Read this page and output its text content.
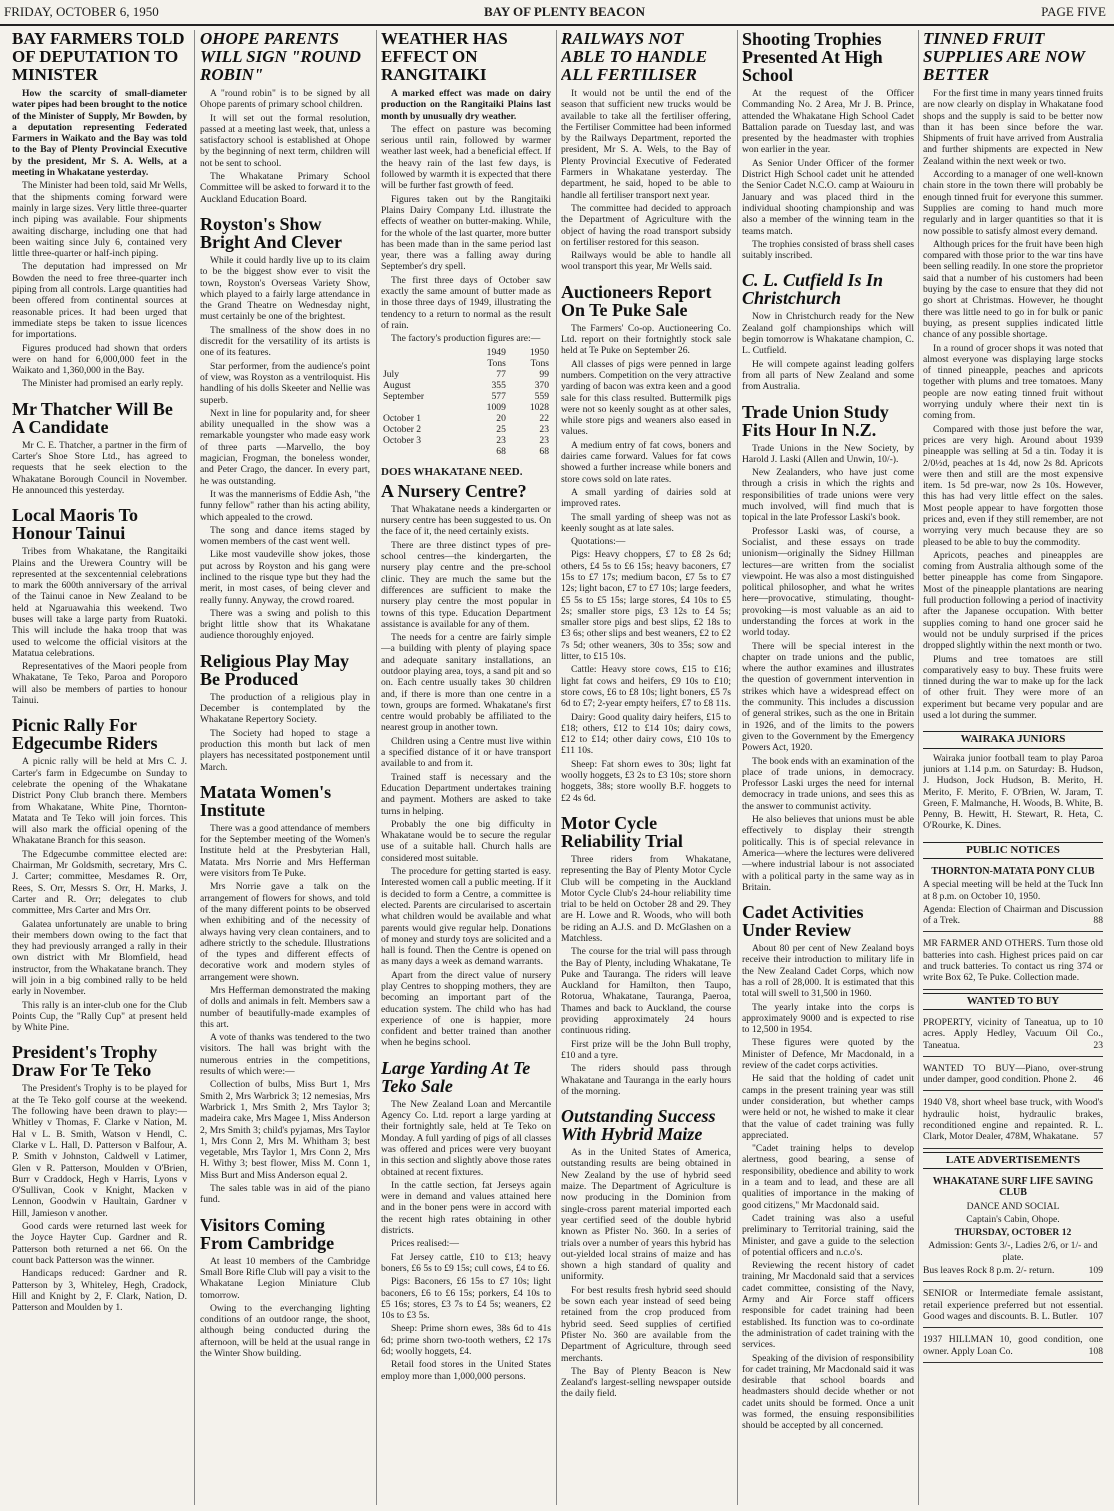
FRIDAY, OCTOBER 6, 1950	BAY OF PLENTY BEACON	PAGE FIVE
BAY FARMERS TOLD OF DEPUTATION TO MINISTER

How the scarcity of small-diameter water pipes had been brought to the notice of the Minister of Supply, Mr Bowden, by a deputation representing Federated Farmers in Waikato and the Bay was told to the Bay of Plenty Provincial Executive by the president, Mr S. A. Wells, at a meeting in Whakatane yesterday.

The Minister had been told, said Mr Wells, that the shipments coming forward were mainly in large sizes. Very little three-quarter inch piping was available. Four shipments awaiting discharge, including one that had been waiting since July 6, contained very little three-quarter or half-inch piping.

The deputation had impressed on Mr Bowden the need to free three-quarter inch piping from all controls. Large quantities had been offered from continental sources at reasonable prices. It had been urged that immediate steps be taken to issue licences for importations.

Figures produced had shown that orders were on hand for 6,000,000 feet in the Waikato and 1,360,000 in the Bay.

The Minister had promised an early reply.

Mr Thatcher Will Be A Candidate

Mr C. E. Thatcher, a partner in the firm of Carter's Shoe Store Ltd., has agreed to requests that he seek election to the Whakatane Borough Council in November. He announced this yesterday.

Local Maoris To Honour Tainui

Tribes from Whakatane, the Rangitaiki Plains and the Urewera Country will be represented at the sexcentennial celebrations to mark the 600th anniversary of the arrival of the Tainui canoe in New Zealand to be held at Ngaruawahia this weekend. Two buses will take a large party from Ruatoki. This will include the haka troop that was used to welcome the official visitors at the Matatua celebrations.

Representatives of the Maori people from Whakatane, Te Teko, Paroa and Poroporo will also be members of parties to honour Tainui.

Picnic Rally For Edgecumbe Riders

A picnic rally will be held at Mrs C. J. Carter's farm in Edgecumbe on Sunday to celebrate the opening of the Whakatane District Pony Club branch there. Members from Whakatane, White Pine, Thornton-Matata and Te Teko will join forces. This will also mark the official opening of the Whakatane Branch for this season.

The Edgecumbe committee elected are: Chairman, Mr Goldsmith, secretary, Mrs C. J. Carter; committee, Mesdames R. Orr, Rees, S. Orr, Messrs S. Orr, H. Marks, J. Carter and R. Orr; delegates to club committee, Mrs Carter and Mrs Orr.

Galatea unfortunately are unable to bring their members down owing to the fact that they had previously arranged a rally in their own district with Mr Blomfield, head instructor, from the Whakatane branch. They will join in a big combined rally to be held early in November.

This rally is an inter-club one for the Club Points Cup, the "Rally Cup" at present held by White Pine.

President's Trophy Draw For Te Teko

The President's Trophy is to be played for at the Te Teko golf course at the weekend. The following have been drawn to play:— Whitley v Thomas, F. Clarke v Nation, M. Hal v L. B. Smith, Watson v Hendl, C. Clarke v L. Hall, D. Patterson v Balfour, A. P. Smith v Johnston, Caldwell v Latimer, Glen v R. Patterson, Moulden v O'Brien, Burr v Craddock, Hegh v Harris, Lyons v O'Sullivan, Cook v Knight, Macken v Lennon, Goodwin v Haultain, Gardner v Hill, Jamieson v another.

Good cards were returned last week for the Joyce Hayter Cup. Gardner and R. Patterson both returned a net 66. On the count back Patterson was the winner.

Handicaps reduced: Gardner and R. Patterson by 3, Whiteley, Hegh, Cradock, Hill and Knight by 2, F. Clark, Nation, D. Patterson and Moulden by 1.

OHOPE PARENTS WILL SIGN "ROUND ROBIN"

A "round robin" is to be signed by all Ohope parents of primary school children.

It will set out the formal resolution, passed at a meeting last week, that, unless a satisfactory school is established at Ohope by the beginning of next term, children will not be sent to school.

The Whakatane Primary School Committee will be asked to forward it to the Auckland Education Board.

Royston's Show Bright And Clever

While it could hardly live up to its claim to be the biggest show ever to visit the town, Royston's Overseas Variety Show, which played to a fairly large attendance in the Grand Theatre on Wednesday night, must certainly be one of the brightest.

The smallness of the show does in no discredit for the versatility of its artists is one of its features.

Star performer, from the audience's point of view, was Royston as a ventriloquist. His handling of his dolls Skeeter and Nellie was superb.

Next in line for popularity and, for sheer ability unequalled in the show was a remarkable youngster who made easy work of three parts —Marvello, the boy magician, Frogman, the boneless wonder, and Peter Crago, the dancer. In every part, he was outstanding.

It was the mannerisms of Eddie Ash, "the funny fellow" rather than his acting ability, which appealed to the crowd.

The song and dance items staged by women members of the cast went well.

Like most vaudeville show jokes, those put across by Royston and his gang were inclined to the risque type but they had the merit, in most cases, of being clever and really funny. Anyway, the crowd roared.

There was a swing and polish to this bright little show that its Whakatane audience thoroughly enjoyed.

Religious Play May Be Produced

The production of a religious play in December is contemplated by the Whakatane Repertory Society.

The Society had hoped to stage a production this month but lack of men players has necessitated postponement until March.

Matata Women's Institute

There was a good attendance of members for the September meeting of the Women's Institute held at the Presbyterian Hall, Matata. Mrs Norrie and Mrs Hefferman were visitors from Te Puke.

Mrs Norrie gave a talk on the arrangement of flowers for shows, and told of the many different points to be observed when exhibiting and of the necessity of always having very clean containers, and to adhere strictly to the schedule. Illustrations of the types and different effects of decorative work and modern styles of arrangement were shown.

Mrs Hefferman demonstrated the making of dolls and animals in felt. Members saw a number of beautifully-made examples of this art.

A vote of thanks was tendered to the two visitors. The hall was bright with the numerous entries in the competitions, results of which were:—

Collection of bulbs, Miss Burt 1, Mrs Smith 2, Mrs Warbrick 3; 12 nemesias, Mrs Warbrick 1, Mrs Smith 2, Mrs Taylor 3; madeira cake, Mrs Magee 1, Miss Anderson 2, Mrs Smith 3; child's pyjamas, Mrs Taylor 1, Mrs Conn 2, Mrs M. Whitham 3; best vegetable, Mrs Taylor 1, Mrs Conn 2, Mrs H. Withy 3; best flower, Miss M. Conn 1, Miss Burt and Miss Anderson equal 2.

The sales table was in aid of the piano fund.

Visitors Coming From Cambridge

At least 10 members of the Cambridge Small Bore Rifle Club will pay a visit to the Whakatane Legion Miniature Club tomorrow.

Owing to the everchanging lighting conditions of an outdoor range, the shoot, although being conducted during the afternoon, will be held at the usual range in the Winter Show building.

WEATHER HAS EFFECT ON RANGITAIKI

A marked effect was made on dairy production on the Rangitaiki Plains last month by unusually dry weather.

The effect on pasture was becoming serious until rain, followed by warmer weather last week, had a beneficial effect. If the heavy rain of the last few days, is followed by warmth it is expected that there will be further fast growth of feed.

Figures taken out by the Rangitaiki Plains Dairy Company Ltd. illustrate the effects of weather on butter-making. While, for the whole of the last quarter, more butter has been made than in the same period last year, there was a falling away during September's dry spell.

The first three days of October saw exactly the same amount of butter made as in those three days of 1949, illustrating the tendency to a return to normal as the result of rain.

The factory's production figures are:—

	1949	1950
	Tons	Tons
July	77	99
August	355	370
September	577	559
	1009	1028
October 1	20	22
October 2	25	23
October 3	23	23
	68	68
DOES WHAKATANE NEED.
A Nursery Centre?

That Whakatane needs a kindergarten or nursery centre has been suggested to us. On the face of it, the need certainly exists.

There are three distinct types of pre-school centres—the kindergarten, the nursery play centre and the pre-school clinic. They are much the same but the differences are sufficient to make the nursery play centre the most popular in towns of this type. Education Department assistance is available for any of them.

The needs for a centre are fairly simple—a building with plenty of playing space and adequate sanitary installations, an outdoor playing area, toys, a sand pit and so on. Each centre usually takes 30 children and, if there is more than one centre in a town, groups are formed. Whakatane's first centre would probably be affiliated to the nearest group in another town.

Children using a Centre must live within a specified distance of it or have transport available to and from it.

Trained staff is necessary and the Education Department undertakes training and payment. Mothers are asked to take turns in helping.

Probably the one big difficulty in Whakatane would be to secure the regular use of a suitable hall. Church halls are considered most suitable.

The procedure for getting started is easy. Interested women call a public meeting. If it is decided to form a Centre, a committee is elected. Parents are circularised to ascertain what children would be available and what parents would give regular help. Donations of money and sturdy toys are solicited and a hall is found. Then the Centre is opened on as many days a week as demand warrants.

Apart from the direct value of nursery play Centres to shopping mothers, they are becoming an important part of the education system. The child who has had experience of one is happier, more confident and better trained than another when he begins school.

Large Yarding At Te Teko Sale

The New Zealand Loan and Mercantile Agency Co. Ltd. report a large yarding at their fortnightly sale, held at Te Teko on Monday. A full yarding of pigs of all classes was offered and prices were very buoyant in this section and slightly above those rates obtained at recent fixtures.

In the cattle section, fat Jerseys again were in demand and values attained here and in the boner pens were in accord with the recent high rates obtaining in other districts.

Prices realised:—

Fat Jersey cattle, £10 to £13; heavy boners, £6 5s to £9 15s; cull cows, £4 to £6.

Pigs: Baconers, £6 15s to £7 10s; light baconers, £6 to £6 15s; porkers, £4 10s to £5 16s; stores, £3 7s to £4 5s; weaners, £2 10s to £3 5s.

Sheep: Prime shorn ewes, 38s 6d to 41s 6d; prime shorn two-tooth wethers, £2 17s 6d; woolly hoggets, £4.

Retail food stores in the United States employ more than 1,000,000 persons.

RAILWAYS NOT ABLE TO HANDLE ALL FERTILISER

It would not be until the end of the season that sufficient new trucks would be available to take all the fertiliser offering, the Fertiliser Committee had been informed by the Railways Department, reported the president, Mr S. A. Wels, to the Bay of Plenty Provincial Executive of Federated Farmers in Whakatane yesterday. The department, he said, hoped to be able to handle all fertiliser transport next year.

The committee had decided to approach the Department of Agriculture with the object of having the road transport subsidy on fertiliser restored for this season.

Railways would be able to handle all wool transport this year, Mr Wells said.

Auctioneers Report On Te Puke Sale

The Farmers' Co-op. Auctioneering Co. Ltd. report on their fortnightly stock sale held at Te Puke on September 26.

All classes of pigs were penned in large numbers. Competition on the very attractive yarding of bacon was extra keen and a good sale for this class resulted. Buttermilk pigs were not so keenly sought as at other sales, while store pigs and weaners also eased in values.

A medium entry of fat cows, boners and dairies came forward. Values for fat cows showed a further increase while boners and store cows sold on late rates.

A small yarding of dairies sold at improved rates.

The small yarding of sheep was not as keenly sought as at late sales.

Quotations:—

Pigs: Heavy choppers, £7 to £8 2s 6d; others, £4 5s to £6 15s; heavy baconers, £7 15s to £7 17s; medium bacon, £7 5s to £7 12s; light bacon, £7 to £7 10s; large feeders, £5 5s to £5 15s; large stores, £4 10s to £5 2s; smaller store pigs, £3 12s to £4 5s; smaller store pigs and best slips, £2 18s to £3 6s; other slips and best weaners, £2 to £2 7s 5d; other weaners, 30s to 35s; sow and litter, to £15 10s.

Cattle: Heavy store cows, £15 to £16; light fat cows and heifers, £9 10s to £10; store cows, £6 to £8 10s; light boners, £5 7s 6d to £7; 2-year empty heifers, £7 to £8 11s.

Dairy: Good quality dairy heifers, £15 to £18; others, £12 to £14 10s; dairy cows, £12 to £14; other dairy cows, £10 10s to £11 10s.

Sheep: Fat shorn ewes to 30s; light fat woolly hoggets, £3 2s to £3 10s; store shorn hoggets, 38s; store woolly B.F. hoggets to £2 4s 6d.

Motor Cycle Reliability Trial

Three riders from Whakatane, representing the Bay of Plenty Motor Cycle Club will be competing in the Auckland Motor Cycle Club's 24-hour reliability time trial to be held on October 28 and 29. They are H. Lowe and R. Woods, who will both be riding an A.J.S. and D. McGlashen on a Matchless.

The course for the trial will pass through the Bay of Plenty, including Whakatane, Te Puke and Tauranga. The riders will leave Auckland for Hamilton, then Taupo, Rotorua, Whakatane, Tauranga, Paeroa, Thames and back to Auckland, the course providing approximately 24 hours continuous riding.

First prize will be the John Bull trophy, £10 and a tyre.

The riders should pass through Whakatane and Tauranga in the early hours of the morning.

Outstanding Success With Hybrid Maize

As in the United States of America, outstanding results are being obtained in New Zealand by the use of hybrid seed maize. The Department of Agriculture is now producing in the Dominion from single-cross parent material imported each year certified seed of the double hybrid known as Pfister No. 360. In a series of trials over a number of years this hybrid has out-yielded local strains of maize and has shown a high standard of quality and uniformity.

For best results fresh hybrid seed should be sown each year instead of seed being retained from the crop produced from hybrid seed. Seed supplies of certified Pfister No. 360 are available from the Department of Agriculture, through seed merchants.

The Bay of Plenty Beacon is New Zealand's largest-selling newspaper outside the daily field.

Shooting Trophies Presented At High School

At the request of the Officer Commanding No. 2 Area, Mr J. B. Prince, attended the Whakatane High School Cadet Battalion parade on Tuesday last, and was presented by the headmaster with trophies won earlier in the year.

As Senior Under Officer of the former District High School cadet unit he attended the Senior Cadet N.C.O. camp at Waiouru in January and was placed third in the individual shooting championship and was also a member of the winning team in the teams match.

The trophies consisted of brass shell cases suitably inscribed.

C. L. Cutfield Is In Christchurch

Now in Christchurch ready for the New Zealand golf championships which will begin tomorrow is Whakatane champion, C. L. Cutfield.

He will compete against leading golfers from all parts of New Zealand and some from Australia.

Trade Union Study Fits Hour In N.Z.

Trade Unions in the New Society, by Harold J. Laski (Allen and Unwin, 10/-).

New Zealanders, who have just come through a crisis in which the rights and responsibilities of trade unions were very much involved, will find much that is topical in the late Professor Laski's book.

Professor Laski was, of course, a Socialist, and these essays on trade unionism—originally the Sidney Hillman lectures—are written from the socialist viewpoint. He was also a most distinguished political philosopher, and what he writes here—provocative, stimulating, thought-provoking—is most valuable as an aid to understanding the forces at work in the world today.

There will be special interest in the chapter on trade unions and the public, where the author examines and illustrates the question of government intervention in strikes which have a widespread effect on the community. This includes a discussion of general strikes, such as the one in Britain in 1926, and of the limits to the powers given to the Government by the Emergency Powers Act, 1920.

The book ends with an examination of the place of trade unions, in democracy. Professor Laski urges the need for internal democracy in trade unions, and sees this as the answer to communist activity.

He also believes that unions must be able effectively to display their strength politically. This is of special relevance in America—where the lectures were delivered—where industrial labour is not associated with a political party in the same way as in Britain.

Cadet Activities Under Review

About 80 per cent of New Zealand boys receive their introduction to military life in the New Zealand Cadet Corps, which now has a roll of 28,000. It is estimated that this total will swell to 31,500 in 1960.

The yearly intake into the corps is approximately 9000 and is expected to rise to 12,500 in 1954.

These figures were quoted by the Minister of Defence, Mr Macdonald, in a review of the cadet corps activities.

He said that the holding of cadet unit camps in the present training year was still under consideration, but whether camps were held or not, he wished to make it clear that the value of cadet training was fully appreciated.

"Cadet training helps to develop alertness, good bearing, a sense of responsibility, obedience and ability to work in a team and to lead, and these are all qualities of importance in the making of good citizens," Mr Macdonald said.

Cadet training was also a useful preliminary to Territorial training, said the Minister, and gave a guide to the selection of potential officers and n.c.o's.

Reviewing the recent history of cadet training, Mr Macdonald said that a services cadet committee, consisting of the Navy, Army and Air Force staff officers responsible for cadet training had been established. Its function was to co-ordinate the administration of cadet training with the services.

Speaking of the division of responsibility for cadet training, Mr Macdonald said it was desirable that school boards and headmasters should decide whether or not cadet units should be formed. Once a unit was formed, the ensuing responsibilities should be accepted by all concerned.

TINNED FRUIT SUPPLIES ARE NOW BETTER

For the first time in many years tinned fruits are now clearly on display in Whakatane food shops and the supply is said to be better now than it has been since before the war. Shipments of fruit have arrived from Australia and further shipments are expected in New Zealand within the next week or two.

According to a manager of one well-known chain store in the town there will probably be enough tinned fruit for everyone this summer. Supplies are coming to hand much more regularly and in larger quantities so that it is now possible to satisfy almost every demand.

Although prices for the fruit have been high compared with those prior to the war tins have been selling readily. In one store the proprietor said that a number of his customers had been buying by the case to ensure that they did not go short at Christmas. However, he thought there was little need to go in for bulk or panic buying, as present supplies indicated little chance of any possible shortage.

In a round of grocer shops it was noted that almost everyone was displaying large stocks of tinned pineapple, peaches and apricots together with plums and tree tomatoes. Many people are now eating tinned fruit without worrying unduly where their next tin is coming from.

Compared with those just before the war, prices are very high. Around about 1939 pineapple was selling at 5d a tin. Today it is 2/0½d, peaches at 1s 4d, now 2s 8d. Apricots were then and still are the most expensive item. 1s 5d pre-war, now 2s 10s. However, this has had very little effect on the sales. Most people appear to have forgotten those prices and, even if they still remember, are not worrying very much because they are so pleased to be able to buy the commodity.

Apricots, peaches and pineapples are coming from Australia although some of the better pineapple has come from Singapore. Most of the pineapple plantations are nearing full production following a period of inactivity after the Japanese occupation. With better supplies coming to hand one grocer said he would not be unduly surprised if the prices dropped slightly within the next month or two.

Plums and tree tomatoes are still comparatively easy to buy. These fruits were tinned during the war to make up for the lack of other fruit. They were more of an experiment but became very popular and are used a lot during the summer.

WAIRAKA JUNIORS

Wairaka junior football team to play Paroa juniors at 1.14 p.m. on Saturday: B. Hudson, J. Hudson, Jock Hudson, B. Merito, H. Merito, F. Merito, F. O'Brien, W. Jaram, T. Green, F. Malmanche, H. Woods, B. White, B. Penny, B. Hewitt, H. Stewart, R. Heta, C. O'Rourke, K. Dines.

PUBLIC NOTICES
THORNTON-MATATA PONY CLUB

A special meeting will be held at the Tuck Inn at 8 p.m. on October 10, 1950.

Agenda: Election of Chairman and Discussion of a Trek.	88

MR FARMER AND OTHERS. Turn those old batteries into cash. Highest prices paid on car and truck batteries. To contact us ring 374 or write Box 62, Te Puke. Collection made.

WANTED TO BUY

PROPERTY, vicinity of Taneatua, up to 10 acres. Apply Hedley, Vacuum Oil Co., Taneatua.	23

WANTED TO BUY—Piano, over-strung under damper, good condition. Phone 2. 46

1940 V8, short wheel base truck, with Wood's hydraulic hoist, hydraulic brakes, reconditioned engine and repainted. R. L. Clark, Motor Dealer, 478M, Whakatane. 57

LATE ADVERTISEMENTS
WHAKATANE SURF LIFE SAVING CLUB

DANCE AND SOCIAL

Captain's Cabin, Ohope.

THURSDAY, OCTOBER 12

Admission: Gents 3/-, Ladies 2/6, or 1/- and plate.

Bus leaves Rock 8 p.m. 2/- return.	109

SENIOR or Intermediate female assistant, retail experience preferred but not essential. Good wages and discounts. B. L. Butler. 107

1937 HILLMAN 10, good condition, one owner. Apply Loan Co.	108
